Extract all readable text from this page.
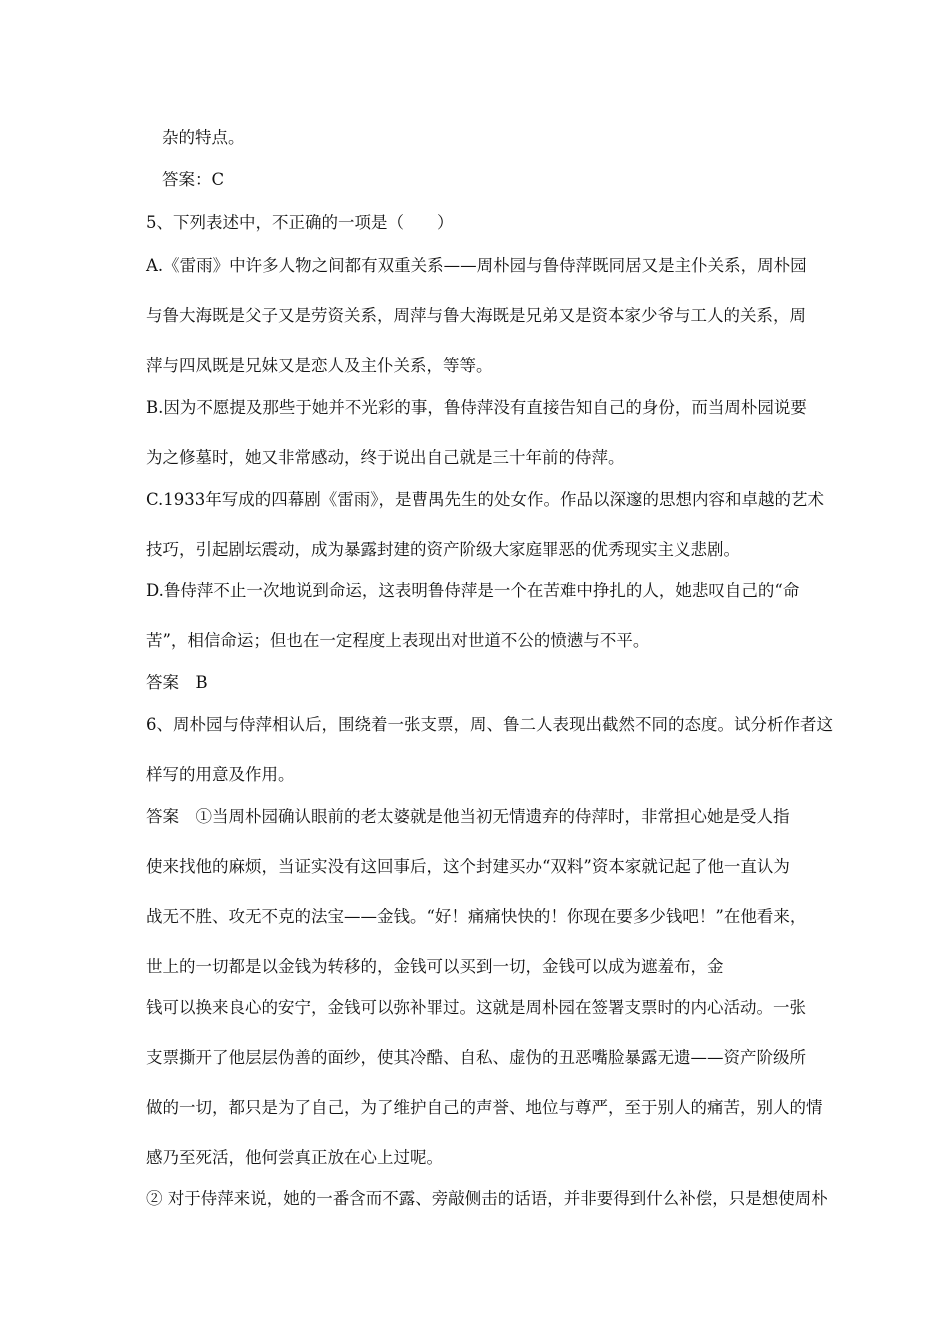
杂的特点。

答案：C

5、下列表述中，不正确的一项是（　　）

A.《雷雨》中许多人物之间都有双重关系——周朴园与鲁侍萍既同居又是主仆关系，周朴园

与鲁大海既是父子又是劳资关系，周萍与鲁大海既是兄弟又是资本家少爷与工人的关系，周

萍与四凤既是兄妹又是恋人及主仆关系，等等。

B.因为不愿提及那些于她并不光彩的事，鲁侍萍没有直接告知自己的身份，而当周朴园说要

为之修墓时，她又非常感动，终于说出自己就是三十年前的侍萍。

C.1933年写成的四幕剧《雷雨》，是曹禺先生的处女作。作品以深邃的思想内容和卓越的艺术

技巧，引起剧坛震动，成为暴露封建的资产阶级大家庭罪恶的优秀现实主义悲剧。

D.鲁侍萍不止一次地说到命运，这表明鲁侍萍是一个在苦难中挣扎的人，她悲叹自己的“命

苦”，相信命运；但也在一定程度上表现出对世道不公的愤懑与不平。

答案　B

6、周朴园与侍萍相认后，围绕着一张支票，周、鲁二人表现出截然不同的态度。试分析作者这

样写的用意及作用。

答案　①当周朴园确认眼前的老太婆就是他当初无情遗弃的侍萍时，非常担心她是受人指

使来找他的麻烦，当证实没有这回事后，这个封建买办“双料”资本家就记起了他一直认为

战无不胜、攻无不克的法宝——金钱。“好！痛痛快快的！你现在要多少钱吧！”在他看来，

世上的一切都是以金钱为转移的，金钱可以买到一切，金钱可以成为遮羞布，金

钱可以换来良心的安宁，金钱可以弥补罪过。这就是周朴园在签署支票时的内心活动。一张

支票撕开了他层层伪善的面纱，使其冷酷、自私、虚伪的丑恶嘴脸暴露无遗——资产阶级所

做的一切，都只是为了自己，为了维护自己的声誉、地位与尊严，至于别人的痛苦，别人的情

感乃至死活，他何尝真正放在心上过呢。

② 对于侍萍来说，她的一番含而不露、旁敲侧击的话语，并非要得到什么补偿，只是想使周朴
